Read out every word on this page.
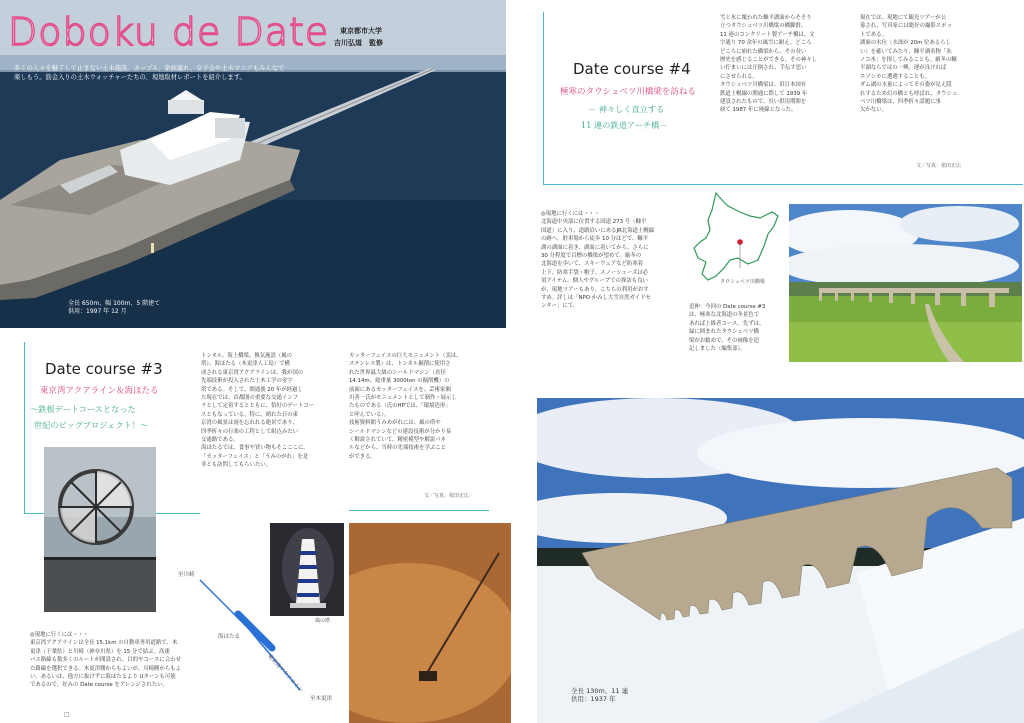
全長 650m、幅 100m、5 階建て
供用：1997 年 12 月
Doboku de Date 東京都市大学
吉川弘道　監修
多くの人々を魅了して止まない土木施設。カップル、家族連れ、女子会や土木マニアもみんなで
楽しもう。筋金入りの土木ウォッチャーたちの、現地取材レポートを紹介します。	Date course #4
極寒のタウシュベツ川橋梁を訪ねる
－ 神々しく直立する
11 連の鉄道アーチ橋－
雪と氷に覆われた糠平湖面からそそり
立つタウシュベツ川橋梁の橋脚群。
11 連のコンクリート製アーチ橋は、文
字通り 70 余年の風雪に耐え、どころ
どころに崩れた橋梁から、その長い
歴史を感じることができる。その神々し
い佇まいには圧倒され、手伝す思い
にさせられる。
タウシュベツ川橋梁は、旧日本国有
鉄道士幌線の開通に際して 1939 年
建設されたもので、長い供用期間を
経て 1987 年に廃線となった。
現在では、現地にて観光ツアーが公
募され、写真家には絶好の撮影スポッ
トである。
湖面の水位（水深が 20m 位あるらし
い）を確いてみたり、糠平湖名物「氷
ノコ氷」を探してみることも。厳冬の糠
平湖ならではの一興。運が良ければ
エゾシカに遭遇することも。
ダム湖の水量によってその姿が見え隠
れするため幻の橋とも呼ばれ、タウシュ
ベツ川橋梁は、四季折々話題に事
欠かない。
文／写真：依田正広
タウシュベツ川橋梁
◎現地に行くには・・・
北海道中央部に位置する国道 273 号（糠平
国道）に入り、道路沿いにあるJR北海道士幌線
の跡へ。駐車場から徒歩 10 分ほどで、糠平
湖の湖面に着き、湖面に着いてから、さらに
30 分程度で目標の橋梁が望めて。厳冬の
北海道を歩いて、スキーウェアなど防寒着
上下、防寒手袋・帽子、スノーシューズは必
須アイテム。個人やグループでの探訪も良い
が、現地ツアーもあり、こちらの利用がおす
すめ。詳しは「NPO かみし大雪自然ガイドセ
ンター」にて。	追伸：今回の Date course #3
は、極寒な北海道の冬景色で
あれば上級者コース。先ずは、
緑に囲まれたタウシュベツ橋
梁がお勧めで、その画像を追
記しました（編集部）。
全長 130m、11 連
供用：1937 年
Date course #3
東京湾アクアライン＆海ほたる
～鉄板デートコースとなった
世紀のビッグプロジェクト！～
トンネル、海上橋梁、換気施設（風の
塔）、海ほたる（木更津人工島）で構
成される東京湾アクアラインは、我が国の
先端技術が投入された土木工学の金字
塔である。そして、開通後 20 年が経過し
た現在では、首都圏の重要な交通インフ
ラとして定着するとともに、恰好のデートコー
スともなっている。特に、晴れた日の東
京湾の風景は雨を忘れれる絶景であり、
四季折々の行楽の工程として組込みたい
交通路である。
海ほたるでは、食事や買い物もそこここに。
「カッターフェイス」と「うみのがれ」を是
非とも訪問してもらいたい。
カッターフェイスの巨大モニュメント（実は、
ステンレス製）は、トンネル掘削に使用さ
れた世界最大級のシールドマシン（直径
14.14m、総重量 3000ton の掘削機）の
前面にあるカッターフェイスを、芸術家湘
川善一氏がモニュメントとして制作・展示し
たものである（氏のHPでは、「環境造形」
と呼んでいる）。
技術資料館うみめがれには、風の塔や
シールドマシンなどの建設技術が分かり易
く解説されていて、精密模型や解説パネ
ルなどから、当時の先端技術を学ぶこと
ができる。
文／写真：依田正広
至川崎
海ほたる
東京湾アクアライン
至木更津
風の塔
◎現地に行くには・・・
東京湾アクアラインは全長 15.1km の自動車専用道路で、木
更津（千葉県）と川崎（神奈川県）を 15 分で結ぶ。高速
バス路線も数多くのルートが開設され、目的やコースに合わせ
た路線を選択できる。木更津側からもよいが、川崎側からもよ
い。あるいは、他方に抜けずに海ほたるより Uターンも可能
であるので、好みの Date course をアレンジされたい。
□
